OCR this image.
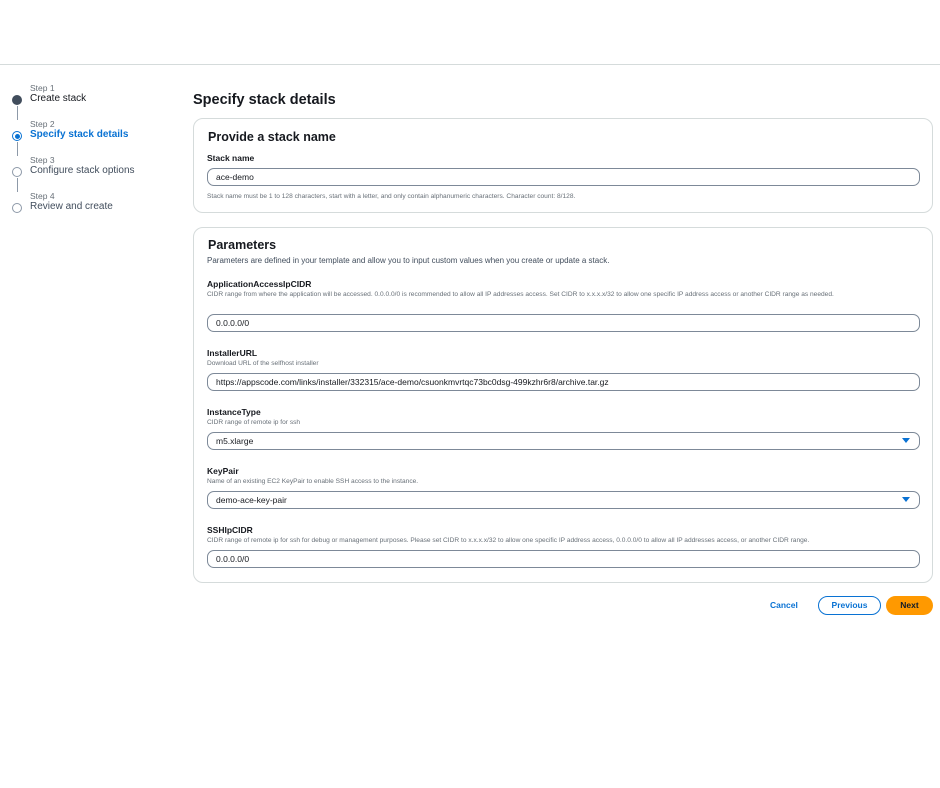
Step 1
Create stack
Step 2
Specify stack details
Step 3
Configure stack options
Step 4
Review and create
Specify stack details
Provide a stack name
Stack name
ace-demo
Stack name must be 1 to 128 characters, start with a letter, and only contain alphanumeric characters. Character count: 8/128.
Parameters
Parameters are defined in your template and allow you to input custom values when you create or update a stack.
ApplicationAccessIpCIDR
CIDR range from where the application will be accessed. 0.0.0.0/0 is recommended to allow all IP addresses access. Set CIDR to x.x.x.x/32 to allow one specific IP address access or another CIDR range as needed.
0.0.0.0/0
InstallerURL
Download URL of the selfhost installer
https://appscode.com/links/installer/332315/ace-demo/csuonkmvrtqc73bc0dsg-499kzhr6r8/archive.tar.gz
InstanceType
CIDR range of remote ip for ssh
m5.xlarge
KeyPair
Name of an existing EC2 KeyPair to enable SSH access to the instance.
demo-ace-key-pair
SSHIpCIDR
CIDR range of remote ip for ssh for debug or management purposes. Please set CIDR to x.x.x.x/32 to allow one specific IP address access, 0.0.0.0/0 to allow all IP addresses access, or another CIDR range.
0.0.0.0/0
Cancel	Previous	Next
